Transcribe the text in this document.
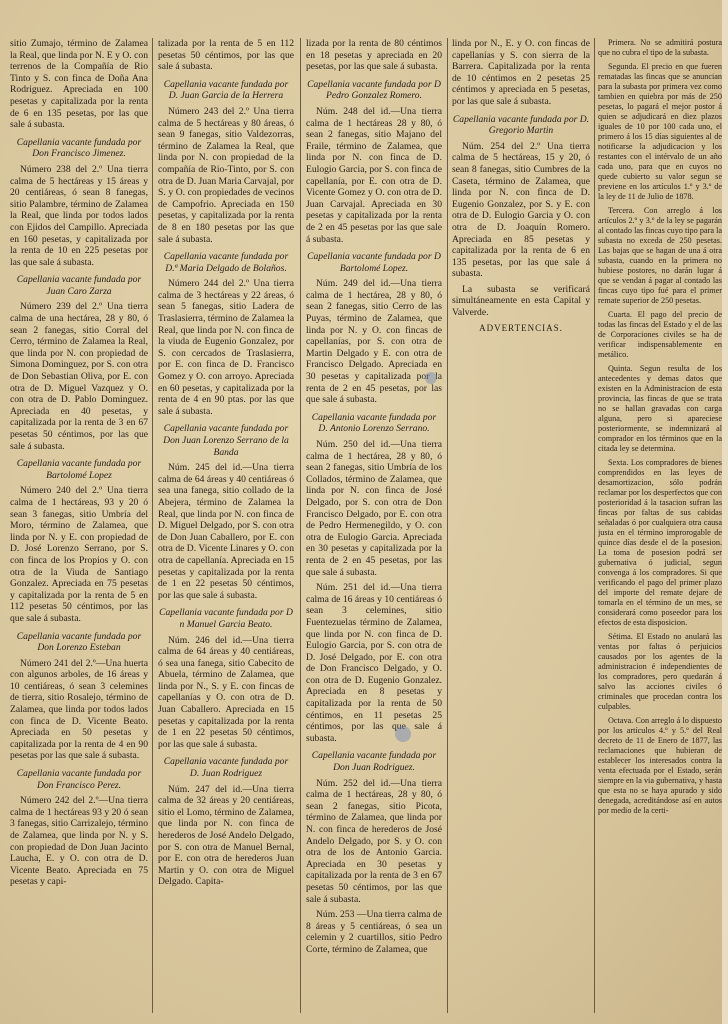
sitio Zumajo, término de Zalamea la Real, que linda por N. E y O. con terrenos de la Compañía de Rio Tinto y S. con finca de Doña Ana Rodriguez. Apreciada en 100 pesetas y capitalizada por la renta de 6 en 135 pesetas, por las que sale á subasta.
Capellania vacante fundada por Don Francisco Jimenez.
Número 238 del 2.º Una tierra calma de 5 hectáreas y 15 áreas y 20 centiáreas, ó sean 8 fanegas, sitio Palambre, término de Zalamea la Real, que linda por todos lados con Ejidos del Campillo. Apreciada en 160 pesetas, y capitalizada por la renta de 10 en 225 pesetas por las que sale á subasta.
Capellania vacante fundada por Juan Caro Zarza
Número 239 del 2.º Una tierra calma de una hectárea, 28 y 80, ó sean 2 fanegas, sitio Corral del Cerro, término de Zalamea la Real, que linda por N. con propiedad de Simona Dominguez, por S. con otra de Don Sebastian Oliva, por E. con otra de D. Miguel Vazquez y O. con otra de D. Pablo Dominguez. Apreciada en 40 pesetas, y capitalizada por la renta de 3 en 67 pesetas 50 céntimos, por las que sale á subasta.
Capellania vacante fundada por Bartolomé Lopez
Número 240 del 2.º Una tierra calma de 1 hectáreas, 93 y 20 ó sean 3 fanegas, sitio Umbría del Moro, término de Zalamea, que linda por N. y E. con propiedad de D. José Lorenzo Serrano, por S. con finca de los Propios y O. con otra de la Viuda de Santiago Gonzalez. Apreciada en 75 pesetas y capitalizada por la renta de 5 en 112 pesetas 50 céntimos, por las que sale á subasta.
Capellania vacante fundada por Don Lorenzo Esteban
Número 241 del 2.º—Una huerta con algunos arboles, de 16 áreas y 10 centiáreas, ó sean 3 celemines de tierra, sitio Rosalejo, término de Zalamea, que linda por todos lados con finca de D. Vicente Beato. Apreciada en 50 pesetas y capitalizada por la renta de 4 en 90 pesetas por las que sale á subasta.
Capellania vacante fundada por Don Francisco Perez.
Número 242 del 2.º—Una tierra calma de 1 hectáreas 93 y 20 ó sean 3 fanegas, sitio Carrizalejo, término de Zalamea, que linda por N. y S. con propiedad de Don Juan Jacinto Laucha, E. y O. con otra de D. Vicente Beato. Apreciada en 75 pesetas y capi-
talizada por la renta de 5 en 112 pesetas 50 céntimos, por las que sale á subasta.
Capellania vacante fundada por D. Juan Garcia de la Herrera
Número 243 del 2.º Una tierra calma de 5 hectáreas y 80 áreas, ó sean 9 fanegas, sitio Valdezorras, término de Zalamea la Real, que linda por N. con propiedad de la compañía de Rio-Tinto, por S. con otra de D. Juan Maria Carvajal, por S. y O. con propiedades de vecinos de Campofrio. Apreciada en 150 pesetas, y capitalizada por la renta de 8 en 180 pesetas por las que sale á subasta.
Capellania vacante fundada por D.ª Maria Delgado de Bolaños.
Número 244 del 2.º Una tierra calma de 3 hectáreas y 22 áreas, ó sean 5 fanegas, sitio Ladera de Traslasierra, término de Zalamea la Real, que linda por N. con finca de la viuda de Eugenio Gonzalez, por S. con cercados de Traslasierra, por E. con finca de D. Francisco Gomez y O. con arroyo. Apreciada en 60 pesetas, y capitalizada por la renta de 4 en 90 ptas. por las que sale á subasta.
Capellania vacante fundada por Don Juan Lorenzo Serrano de la Banda
Núm. 245 del id.—Una tierra calma de 64 áreas y 40 centiáreas ó sea una fanega, sitio collado de la Abejera, término de Zalamea la Real, que linda por N. con finca de D. Miguel Delgado, por S. con otra de Don Juan Caballero, por E. con otra de D. Vicente Linares y O. con otra de capellanía. Apreciada en 15 pesetas y capitalizada por la renta de 1 en 22 pesetas 50 céntimos, por las que sale á subasta.
Capellania vacante fundada por D n Manuel Garcia Beato.
Núm. 246 del id.—Una tierra calma de 64 áreas y 40 centiáreas, ó sea una fanega, sitio Cabecito de Abuela, término de Zalamea, que linda por N., S. y E. con fincas de capellanías y O. con otra de D. Juan Caballero. Apreciada en 15 pesetas y capitalizada por la renta de 1 en 22 pesetas 50 céntimos, por las que sale á subasta.
Capellania vacante fundada por D. Juan Rodriguez
Núm. 247 del id.—Una tierra calma de 32 áreas y 20 centiáreas, sitio el Lomo, término de Zalamea, que linda por N. con finca de herederos de José Andelo Delgado, por S. con otra de Manuel Bernal, por E. con otra de herederos Juan Martin y O. con otra de Miguel Delgado. Capita-
lizada por la renta de 80 céntimos en 18 pesetas y apreciada en 20 pesetas, por las que sale á subasta.
Capellania vacante fundada por D Pedro Gonzalez Romero.
Núm. 248 del id.—Una tierra calma de 1 hectáreas 28 y 80, ó sean 2 fanegas, sitio Majano del Fraile, término de Zalamea, que linda por N. con finca de D. Eulogio Garcia, por S. con finca de capellanía, por E. con otra de D. Vicente Gomez y O. con otra de D. Juan Carvajal. Apreciada en 30 pesetas y capitalizada por la renta de 2 en 45 pesetas por las que sale á subasta.
Capellania vacante fundada por D Bartolomé Lopez.
Núm. 249 del id.—Una tierra calma de 1 hectárea, 28 y 80, ó sean 2 fanegas, sitio Cerro de las Puyas, término de Zalamea, que linda por N. y O. con fincas de capellanías, por S. con otra de Martin Delgado y E. con otra de Francisco Delgado. Apreciada en 30 pesetas y capitalizada por la renta de 2 en 45 pesetas, por las que sale á subasta.
Capellania vacante fundada por D. Antonio Lorenzo Serrano.
Núm. 250 del id.—Una tierra calma de 1 hectárea, 28 y 80, ó sean 2 fanegas, sitio Umbría de los Collados, término de Zalamea, que linda por N. con finca de José Delgado, por S. con otra de Don Francisco Delgado, por E. con otra de Pedro Hermenegildo, y O. con otra de Eulogio Garcia. Apreciada en 30 pesetas y capitalizada por la renta de 2 en 45 pesetas, por las que sale á subasta.
Núm. 251 del id.—Una tierra calma de 16 áreas y 10 centiáreas ó sean 3 celemines, sitio Fuentezuelas término de Zalamea, que linda por N. con finca de D. Eulogio Garcia, por S. con otra de D. José Delgado, por E. con otra de Don Francisco Delgado, y O. con otra de D. Eugenio Gonzalez. Apreciada en 8 pesetas y capitalizada por la renta de 50 céntimos, en 11 pesetas 25 céntimos, por las que sale á subasta.
Capellania vacante fundada por Don Juan Rodriguez.
Núm. 252 del id.—Una tierra calma de 1 hectáreas, 28 y 80, ó sean 2 fanegas, sitio Picota, término de Zalamea, que linda por N. con finca de herederos de José Andelo Delgado, por S. y O. con otra de los de Antonio Garcia. Apreciada en 30 pesetas y capitalizada por la renta de 3 en 67 pesetas 50 céntimos, por las que sale á subasta.
Núm. 253 —Una tierra calma de 8 áreas y 5 centiáreas, ó sea un celemin y 2 cuartillos, sitio Pedro Corte, término de Zalamea, que
linda por N., E. y O. con fincas de capellanías y S. con sierra de la Barrera. Capitalizada por la renta de 10 céntimos en 2 pesetas 25 céntimos y apreciada en 5 pesetas, por las que sale á subasta.
Capellania vacante fundada por D. Gregorio Martin
Núm. 254 del 2.º Una tierra calma de 5 hectáreas, 15 y 20, ó sean 8 fanegas, sitio Cumbres de la Caseta, término de Zalamea, que linda por N. con finca de D. Eugenio Gonzalez, por S. y E. con otra de D. Eulogio Garcia y O. con otra de D. Joaquín Romero. Apreciada en 85 pesetas y capitalizada por la renta de 6 en 135 pesetas, por las que sale á subasta.
La subasta se verificará simultáneamente en esta Capital y Valverde.
ADVERTENCIAS.
Primera. No se admitirá postura que no cubra el tipo de la subasta.
Segunda. El precio en que fueren rematadas las fincas que se anuncian para la subasta por primera vez como tambien en quiebra por más de 250 pesetas, lo pagará el mejor postor á quien se adjudicará en diez plazos iguales de 10 por 100 cada uno, el primero á los 15 días siguientes al de notificarse la adjudicacion y los restantes con el intérvalo de un año cada uno, para que en cuyos no quede cubierto su valor segun se previene en los artículos 1.º y 3.º de la ley de 11 de Julio de 1878.
Tercera. Con arreglo á los artículos 2.º y 3.º de la ley se pagarán al contado las fincas cuyo tipo para la subasta no exceda de 250 pesetas. Las bajas que se hagan de una á otra subasta, cuando en la primera no hubiese postores, no darán lugar á que se vendan á pagar al contado las fincas cuyo tipo fué para el primer remate superior de 250 pesetas.
Cuarta. El pago del precio de todas las fincas del Estado y el de las de Corporaciones civiles se ha de verificar indispensablemente en metálico.
Quinta. Segun resulta de los antecedentes y demas datos que existen en la Administracion de esta provincia, las fincas de que se trata no se hallan gravadas con carga alguna, pero si apareciese posteriormente, se indemnizará al comprador en los términos que en la citada ley se determina.
Sexta. Los compradores de bienes comprendidos en las leyes de desamortizacion, sólo podrán reclamar por los desperfectos que con posterioridad á la tasacion sufran las fincas por faltas de sus cabidas señaladas ó por cualquiera otra causa justa en el término improrogable de quince días desde el de la posesion. La toma de posesion podrá ser gubernativa ó judicial, segun convenga á los compradores. Si que verificando el pago del primer plazo del importe del remate dejare de tomarla en el término de un mes, se considerará como poseedor para los efectos de esta disposicion.
Sétima. El Estado no anulará las ventas por faltas ó perjuicios causados por los agentes de la administracion é independientes de los compradores, pero quedarán á salvo las acciones civiles ó criminales que procedan contra los culpables.
Octava. Con arreglo á lo dispuesto por los artículos 4.º y 5.º del Real decreto de 11 de Enero de 1877, las reclamaciones que hubieran de establecer los interesados contra la venta efectuada por el Estado, serán siempre en la via gubernativa, y hasta que esta no se haya apurado y sido denegada, acreditándose así en autos por medio de la certi-
